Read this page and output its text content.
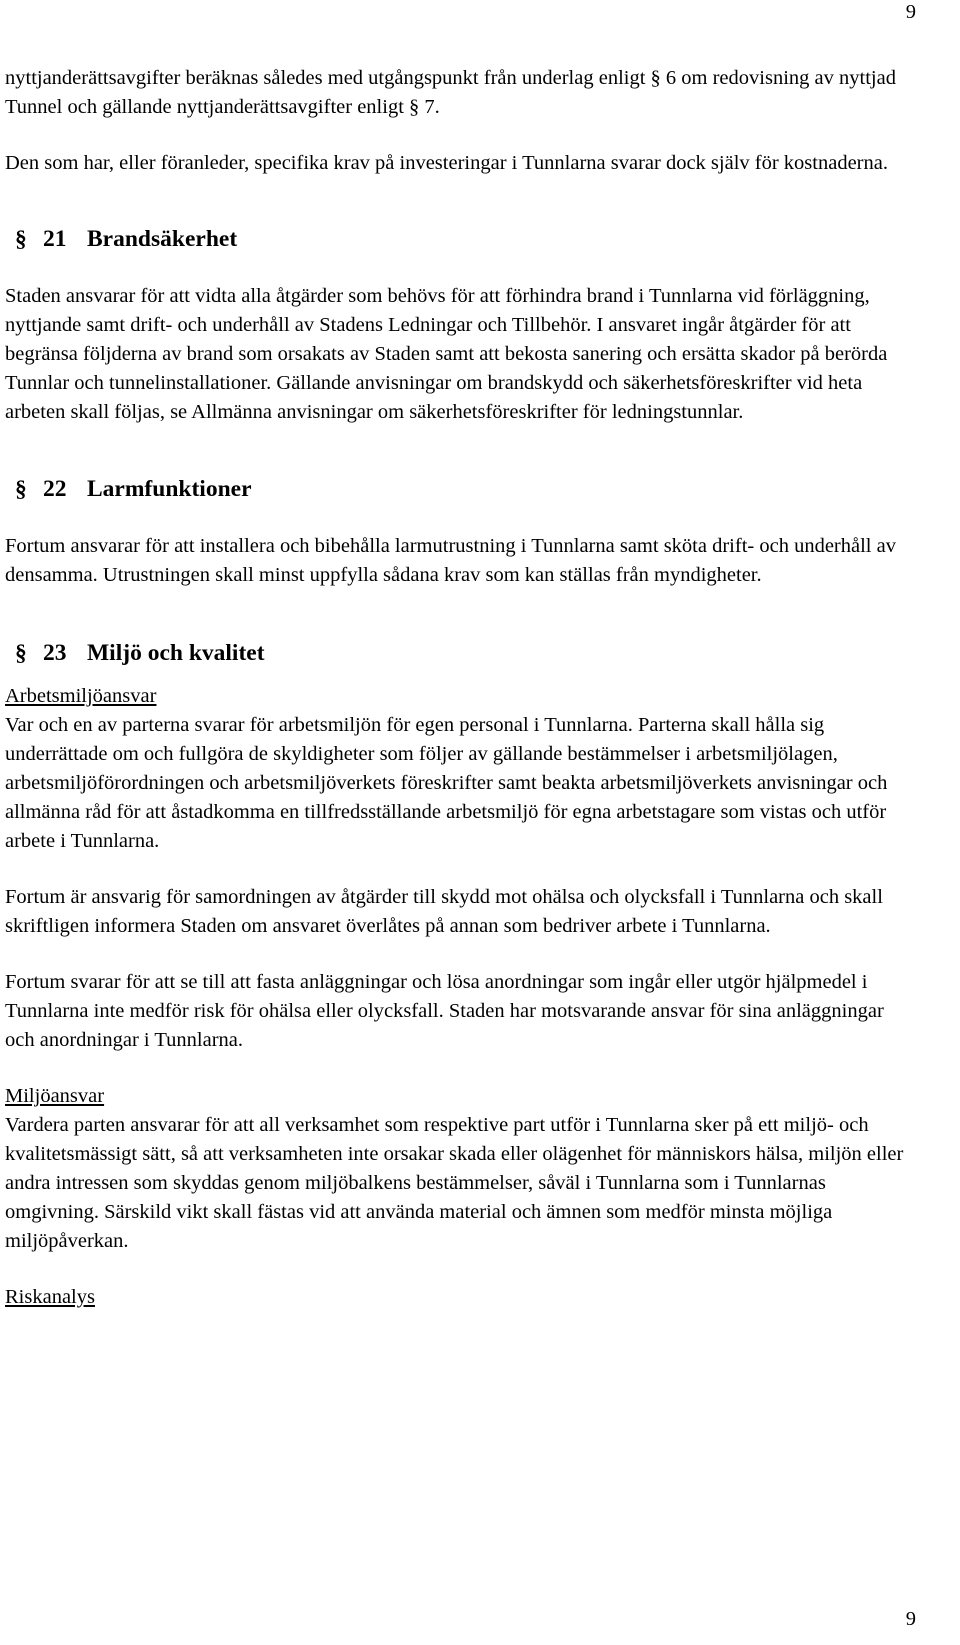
9

nyttjanderättsavgifter beräknas således med utgångspunkt från underlag enligt § 6 om redovisning av nyttjad Tunnel och gällande nyttjanderättsavgifter enligt § 7.

Den som har, eller föranleder, specifika krav på investeringar i Tunnlarna svarar dock själv för kostnaderna.

§ 21 Brandsäkerhet

Staden ansvarar för att vidta alla åtgärder som behövs för att förhindra brand i Tunnlarna vid förläggning, nyttjande samt drift- och underhåll av Stadens Ledningar och Tillbehör. I ansvaret ingår åtgärder för att begränsa följderna av brand som orsakats av Staden samt att bekosta sanering och ersätta skador på berörda Tunnlar och tunnelinstallationer. Gällande anvisningar om brandskydd och säkerhetsföreskrifter vid heta arbeten skall följas, se Allmänna anvisningar om säkerhetsföreskrifter för ledningstunnlar.

§ 22 Larmfunktioner

Fortum ansvarar för att installera och bibehålla larmutrustning i Tunnlarna samt sköta drift- och underhåll av densamma. Utrustningen skall minst uppfylla sådana krav som kan ställas från myndigheter.

§ 23 Miljö och kvalitet

Arbetsmiljöansvar

Var och en av parterna svarar för arbetsmiljön för egen personal i Tunnlarna. Parterna skall hålla sig underrättade om och fullgöra de skyldigheter som följer av gällande bestämmelser i arbetsmiljölagen, arbetsmiljöförordningen och arbetsmiljöverkets föreskrifter samt beakta arbetsmiljöverkets anvisningar och allmänna råd för att åstadkomma en tillfredsställande arbetsmiljö för egna arbetstagare som vistas och utför arbete i Tunnlarna.

Fortum är ansvarig för samordningen av åtgärder till skydd mot ohälsa och olycksfall i Tunnlarna och skall skriftligen informera Staden om ansvaret överlåtes på annan som bedriver arbete i Tunnlarna.

Fortum svarar för att se till att fasta anläggningar och lösa anordningar som ingår eller utgör hjälpmedel i Tunnlarna inte medför risk för ohälsa eller olycksfall. Staden har motsvarande ansvar för sina anläggningar och anordningar i Tunnlarna.

Miljöansvar

Vardera parten ansvarar för att all verksamhet som respektive part utför i Tunnlarna sker på ett miljö- och kvalitetsmässigt sätt, så att verksamheten inte orsakar skada eller olägenhet för människors hälsa, miljön eller andra intressen som skyddas genom miljöbalkens bestämmelser, såväl i Tunnlarna som i Tunnlarnas omgivning. Särskild vikt skall fästas vid att använda material och ämnen som medför minsta möjliga miljöpåverkan.

Riskanalys

9
